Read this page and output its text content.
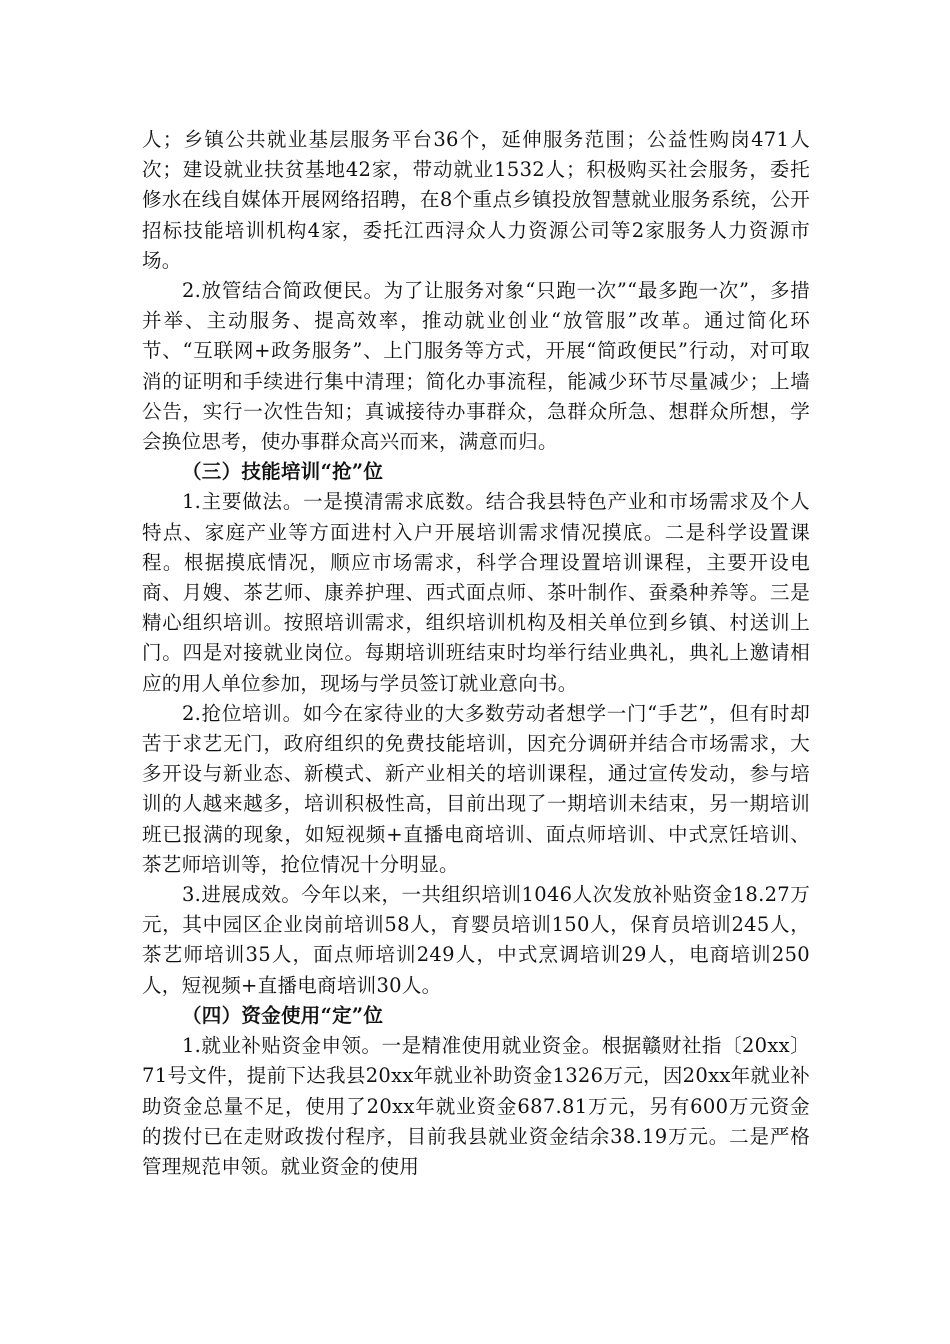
人；乡镇公共就业基层服务平台36个，延伸服务范围；公益性购岗471人次；建设就业扶贫基地42家，带动就业1532人；积极购买社会服务，委托修水在线自媒体开展网络招聘，在8个重点乡镇投放智慧就业服务系统，公开招标技能培训机构4家，委托江西浔众人力资源公司等2家服务人力资源市场。

2.放管结合简政便民。为了让服务对象“只跑一次”“最多跑一次”，多措并举、主动服务、提高效率，推动就业创业“放管服”改革。通过简化环节、“互联网+政务服务”、上门服务等方式，开展“简政便民”行动，对可取消的证明和手续进行集中清理；简化办事流程，能减少环节尽量减少；上墙公告，实行一次性告知；真诚接待办事群众，急群众所急、想群众所想，学会换位思考，使办事群众高兴而来，满意而归。

（三）技能培训“抢”位

1.主要做法。一是摸清需求底数。结合我县特色产业和市场需求及个人特点、家庭产业等方面进村入户开展培训需求情况摸底。二是科学设置课程。根据摸底情况，顺应市场需求，科学合理设置培训课程，主要开设电商、月嫂、茶艺师、康养护理、西式面点师、茶叶制作、蚕桑种养等。三是精心组织培训。按照培训需求，组织培训机构及相关单位到乡镇、村送训上门。四是对接就业岗位。每期培训班结束时均举行结业典礼，典礼上邀请相应的用人单位参加，现场与学员签订就业意向书。

2.抢位培训。如今在家待业的大多数劳动者想学一门“手艺”，但有时却苦于求艺无门，政府组织的免费技能培训，因充分调研并结合市场需求，大多开设与新业态、新模式、新产业相关的培训课程，通过宣传发动，参与培训的人越来越多，培训积极性高，目前出现了一期培训未结束，另一期培训班已报满的现象，如短视频+直播电商培训、面点师培训、中式烹饪培训、茶艺师培训等，抢位情况十分明显。

3.进展成效。今年以来，一共组织培训1046人次发放补贴资金18.27万元，其中园区企业岗前培训58人，育婴员培训150人，保育员培训245人，茶艺师培训35人，面点师培训249人，中式烹调培训29人，电商培训250人，短视频+直播电商培训30人。

（四）资金使用“定”位

1.就业补贴资金申领。一是精准使用就业资金。根据赣财社指〔20xx〕71号文件，提前下达我县20xx年就业补助资金1326万元，因20xx年就业补助资金总量不足，使用了20xx年就业资金687.81万元，另有600万元资金的拨付已在走财政拨付程序，目前我县就业资金结余38.19万元。二是严格管理规范申领。就业资金的使用
